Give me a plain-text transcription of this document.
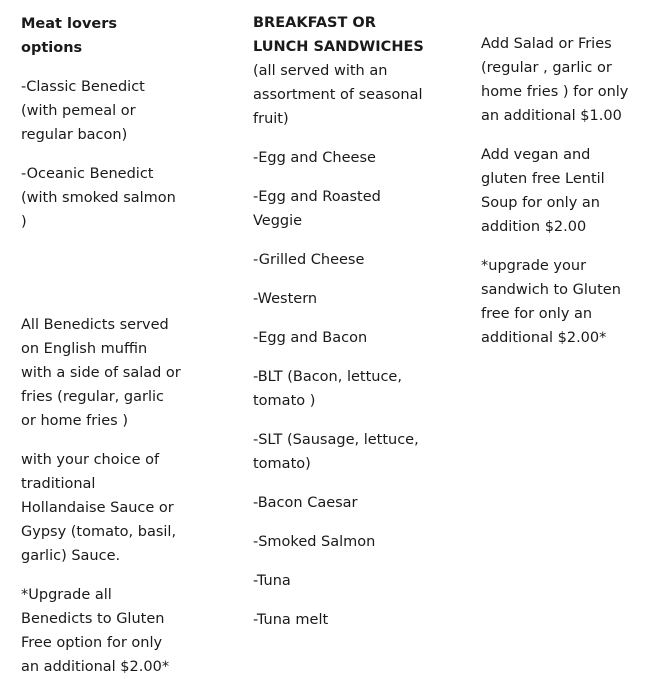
Meat lovers options

-Classic Benedict (with pemeal or regular bacon)

-Oceanic Benedict (with smoked salmon )

All Benedicts served on English muffin with a side of salad or fries (regular, garlic or home fries )

with your choice of traditional Hollandaise Sauce or Gypsy (tomato, basil, garlic) Sauce.

*Upgrade all Benedicts to Gluten Free option for only an additional $2.00*

BREAKFAST OR LUNCH SANDWICHES (all served with an assortment of seasonal fruit)

-Egg and Cheese

-Egg and Roasted Veggie

-Grilled Cheese

-Western

-Egg and Bacon

-BLT (Bacon, lettuce, tomato )

-SLT (Sausage, lettuce, tomato)

-Bacon Caesar

-Smoked Salmon

-Tuna

-Tuna melt

Add Salad or Fries (regular , garlic or home fries ) for only an additional $1.00

Add vegan and gluten free Lentil Soup for only an addition $2.00

*upgrade your sandwich to Gluten free for only an additional $2.00*
